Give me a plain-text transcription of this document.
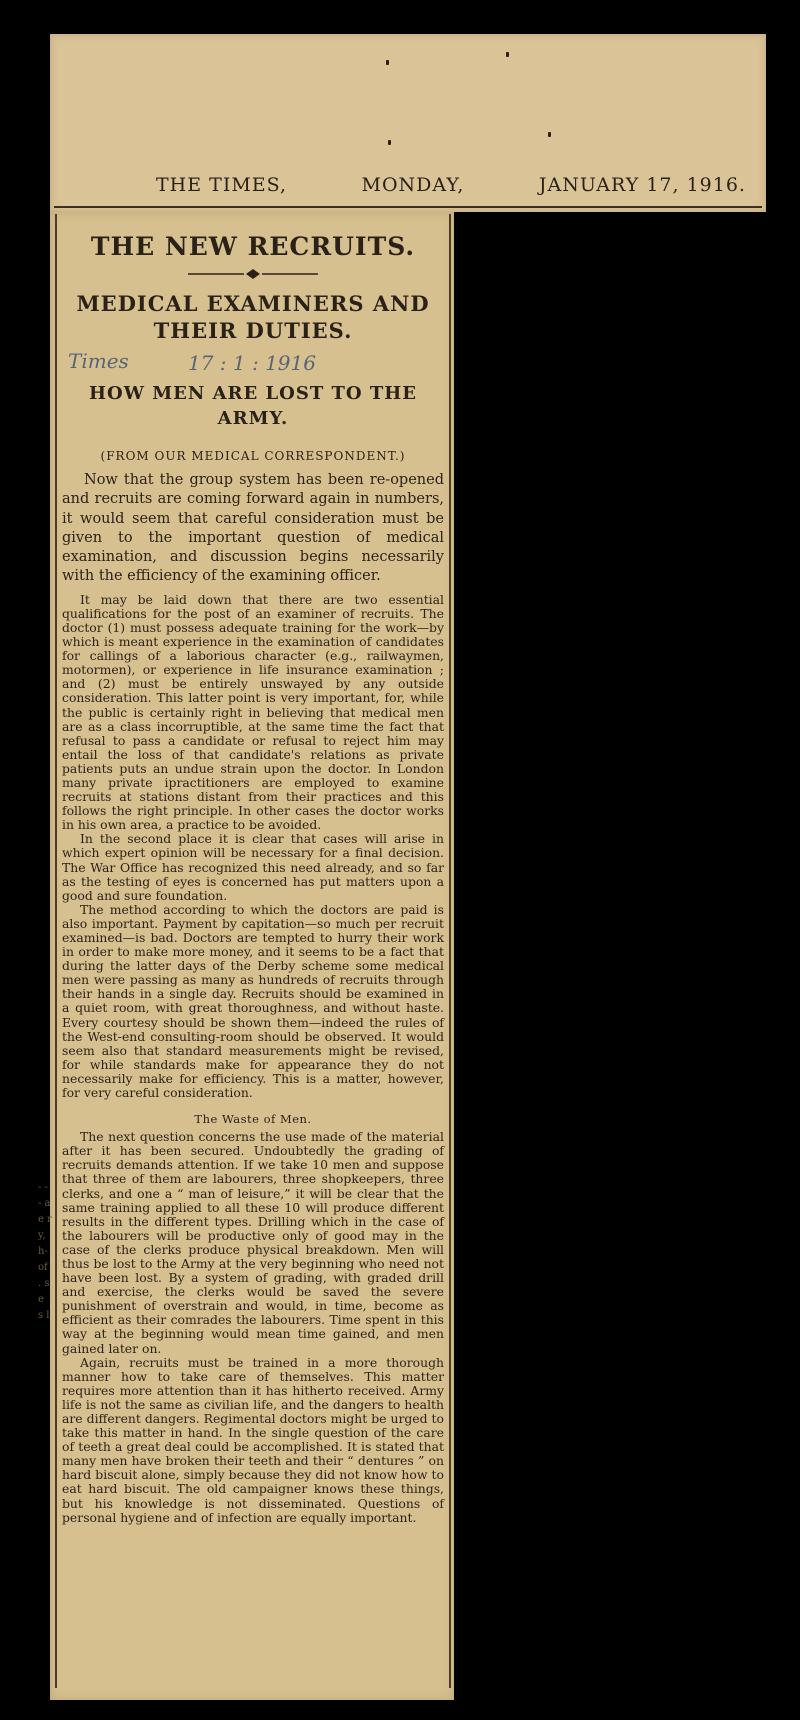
THE TIMES,	MONDAY,	JANUARY 17, 1916.
- - - a e r y, h- of . s e s l
THE NEW RECRUITS.
MEDICAL EXAMINERS AND THEIR DUTIES.
Times	17 : 1 : 1916
HOW MEN ARE LOST TO THE ARMY.
(FROM OUR MEDICAL CORRESPONDENT.)

Now that the group system has been re-opened and recruits are coming forward again in numbers, it would seem that careful consideration must be given to the important question of medical examination, and discussion begins necessarily with the efficiency of the examining officer.

It may be laid down that there are two essential qualifications for the post of an examiner of recruits. The doctor (1) must possess adequate training for the work—by which is meant experience in the examination of candidates for callings of a laborious character (e.g., railwaymen, motormen), or experience in life insurance examination ; and (2) must be entirely unswayed by any outside consideration. This latter point is very important, for, while the public is certainly right in believing that medical men are as a class incorruptible, at the same time the fact that refusal to pass a candidate or refusal to reject him may entail the loss of that candidate's relations as private patients puts an undue strain upon the doctor. In London many private ipractitioners are employed to examine recruits at stations distant from their practices and this follows the right principle. In other cases the doctor works in his own area, a practice to be avoided.

In the second place it is clear that cases will arise in which expert opinion will be necessary for a final decision. The War Office has recognized this need already, and so far as the testing of eyes is concerned has put matters upon a good and sure foundation.

The method according to which the doctors are paid is also important. Payment by capitation—so much per recruit examined—is bad. Doctors are tempted to hurry their work in order to make more money, and it seems to be a fact that during the latter days of the Derby scheme some medical men were passing as many as hundreds of recruits through their hands in a single day. Recruits should be examined in a quiet room, with great thoroughness, and without haste. Every courtesy should be shown them—indeed the rules of the West-end consulting-room should be observed. It would seem also that standard measurements might be revised, for while standards make for appearance they do not necessarily make for efficiency. This is a matter, however, for very careful consideration.

The Waste of Men.

The next question concerns the use made of the material after it has been secured. Undoubtedly the grading of recruits demands attention. If we take 10 men and suppose that three of them are labourers, three shopkeepers, three clerks, and one a “ man of leisure,” it will be clear that the same training applied to all these 10 will produce different results in the different types. Drilling which in the case of the labourers will be productive only of good may in the case of the clerks produce physical breakdown. Men will thus be lost to the Army at the very beginning who need not have been lost. By a system of grading, with graded drill and exercise, the clerks would be saved the severe punishment of overstrain and would, in time, become as efficient as their comrades the labourers. Time spent in this way at the beginning would mean time gained, and men gained later on.

Again, recruits must be trained in a more thorough manner how to take care of themselves. This matter requires more attention than it has hitherto received. Army life is not the same as civilian life, and the dangers to health are different dangers. Regimental doctors might be urged to take this matter in hand. In the single question of the care of teeth a great deal could be accomplished. It is stated that many men have broken their teeth and their “ dentures ” on hard biscuit alone, simply because they did not know how to eat hard biscuit. The old campaigner knows these things, but his knowledge is not disseminated. Questions of personal hygiene and of infection are equally important.
